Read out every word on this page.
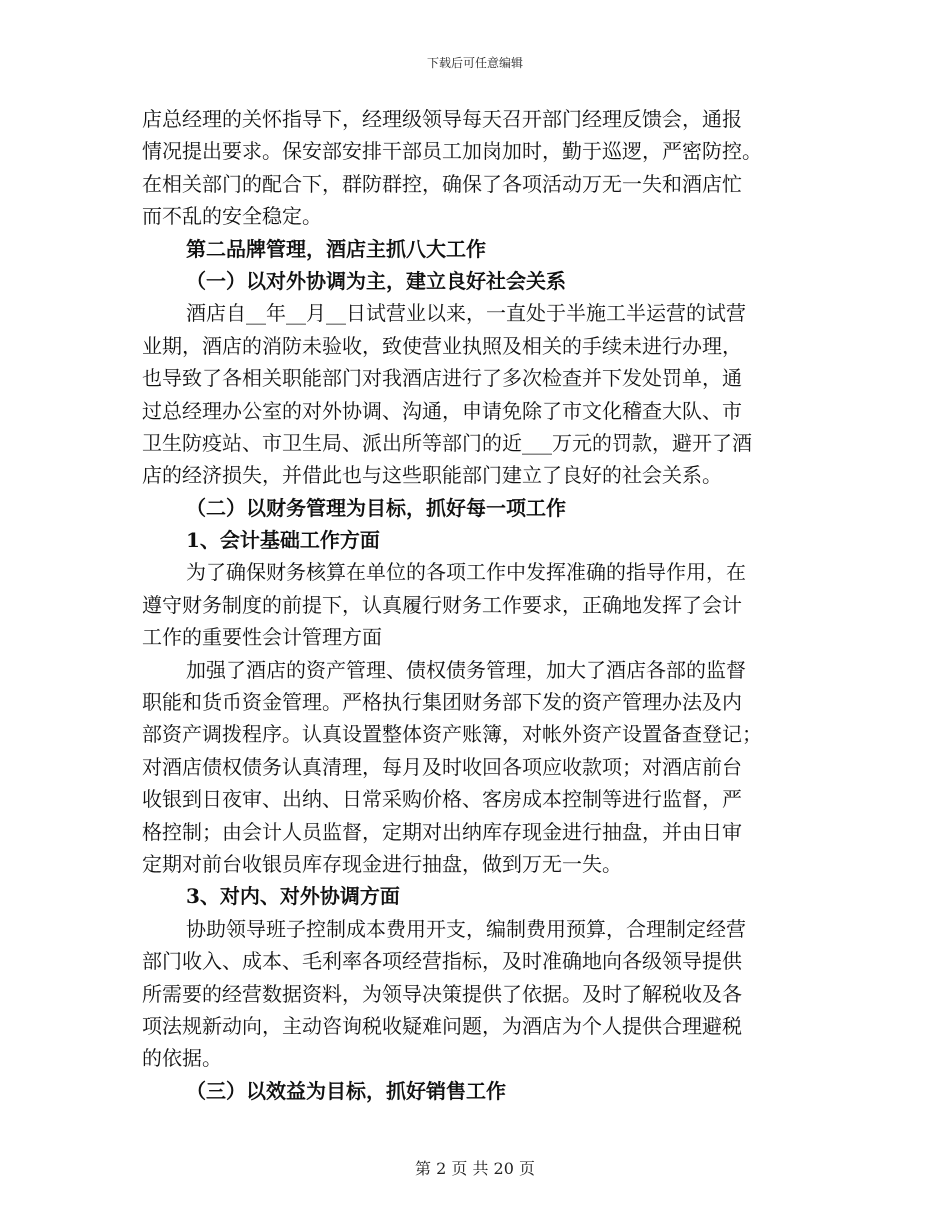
下载后可任意编辑
店总经理的关怀指导下，经理级领导每天召开部门经理反馈会，通报
情况提出要求。保安部安排干部员工加岗加时，勤于巡逻，严密防控。
在相关部门的配合下，群防群控，确保了各项活动万无一失和酒店忙
而不乱的安全稳定。
第二品牌管理，酒店主抓八大工作
（一）以对外协调为主，建立良好社会关系
酒店自__年__月__日试营业以来，一直处于半施工半运营的试营
业期，酒店的消防未验收，致使营业执照及相关的手续未进行办理，
也导致了各相关职能部门对我酒店进行了多次检查并下发处罚单，通
过总经理办公室的对外协调、沟通，申请免除了市文化稽查大队、市
卫生防疫站、市卫生局、派出所等部门的近___万元的罚款，避开了酒
店的经济损失，并借此也与这些职能部门建立了良好的社会关系。
（二）以财务管理为目标，抓好每一项工作
1、会计基础工作方面
为了确保财务核算在单位的各项工作中发挥准确的指导作用，在
遵守财务制度的前提下，认真履行财务工作要求，正确地发挥了会计
工作的重要性会计管理方面
加强了酒店的资产管理、债权债务管理，加大了酒店各部的监督
职能和货币资金管理。严格执行集团财务部下发的资产管理办法及内
部资产调拨程序。认真设置整体资产账簿，对帐外资产设置备查登记；
对酒店债权债务认真清理，每月及时收回各项应收款项；对酒店前台
收银到日夜审、出纳、日常采购价格、客房成本控制等进行监督，严
格控制；由会计人员监督，定期对出纳库存现金进行抽盘，并由日审
定期对前台收银员库存现金进行抽盘，做到万无一失。
3、对内、对外协调方面
协助领导班子控制成本费用开支，编制费用预算，合理制定经营
部门收入、成本、毛利率各项经营指标，及时准确地向各级领导提供
所需要的经营数据资料，为领导决策提供了依据。及时了解税收及各
项法规新动向，主动咨询税收疑难问题，为酒店为个人提供合理避税
的依据。
（三）以效益为目标，抓好销售工作
第 2 页 共 20 页
